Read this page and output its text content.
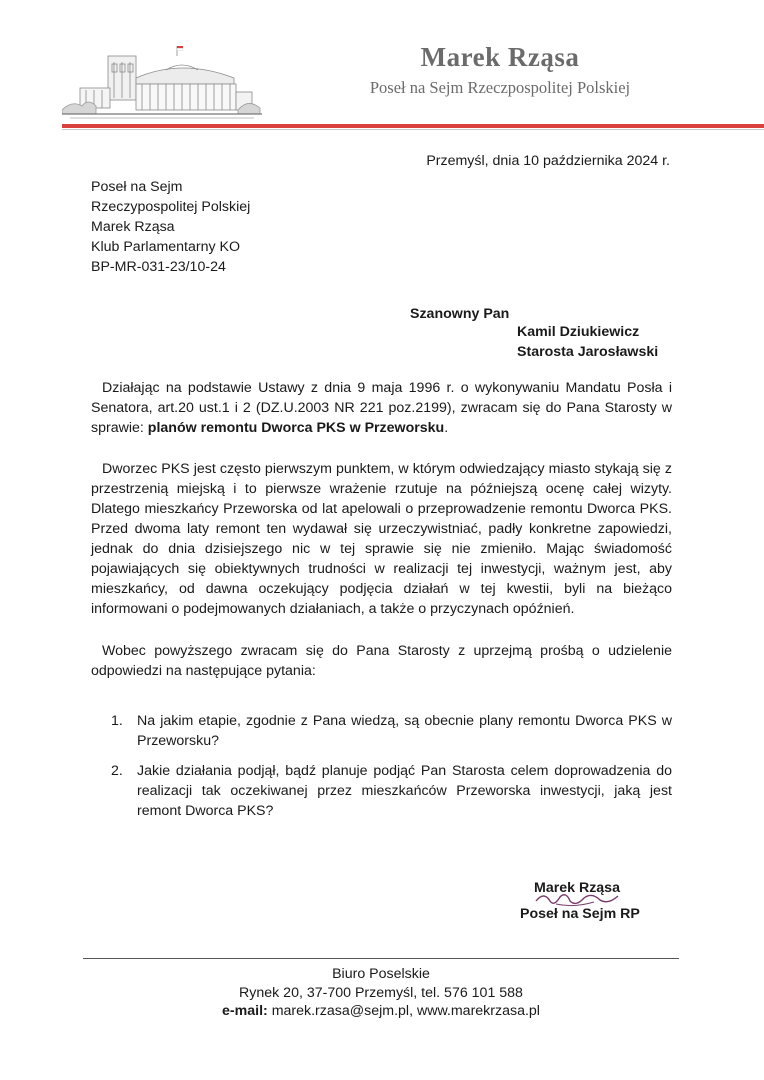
Marek Rząsa
Poseł na Sejm Rzeczpospolitej Polskiej
Przemyśl, dnia 10 października 2024 r.
Poseł na Sejm
Rzeczypospolitej Polskiej
Marek Rząsa
Klub Parlamentarny KO
BP-MR-031-23/10-24
Szanowny Pan
Kamil Dziukiewicz
Starosta Jarosławski
Działając na podstawie Ustawy z dnia 9 maja 1996 r. o wykonywaniu Mandatu Posła i Senatora, art.20 ust.1 i 2 (DZ.U.2003 NR 221 poz.2199), zwracam się do Pana Starosty w sprawie: planów remontu Dworca PKS w Przeworsku.
Dworzec PKS jest często pierwszym punktem, w którym odwiedzający miasto stykają się z przestrzenią miejską i to pierwsze wrażenie rzutuje na późniejszą ocenę całej wizyty. Dlatego mieszkańcy Przeworska od lat apelowali o przeprowadzenie remontu Dworca PKS. Przed dwoma laty remont ten wydawał się urzeczywistniać, padły konkretne zapowiedzi, jednak do dnia dzisiejszego nic w tej sprawie się nie zmieniło. Mając świadomość pojawiających się obiektywnych trudności w realizacji tej inwestycji, ważnym jest, aby mieszkańcy, od dawna oczekujący podjęcia działań w tej kwestii, byli na bieżąco informowani o podejmowanych działaniach, a także o przyczynach opóźnień.
Wobec powyższego zwracam się do Pana Starosty z uprzejmą prośbą o udzielenie odpowiedzi na następujące pytania:
1. Na jakim etapie, zgodnie z Pana wiedzą, są obecnie plany remontu Dworca PKS w Przeworsku?
2. Jakie działania podjął, bądź planuje podjąć Pan Starosta celem doprowadzenia do realizacji tak oczekiwanej przez mieszkańców Przeworska inwestycji, jaką jest remont Dworca PKS?
Marek Rząsa
Poseł na Sejm RP
Biuro Poselskie
Rynek 20, 37-700 Przemyśl, tel. 576 101 588
e-mail: marek.rzasa@sejm.pl, www.marekrzasa.pl
